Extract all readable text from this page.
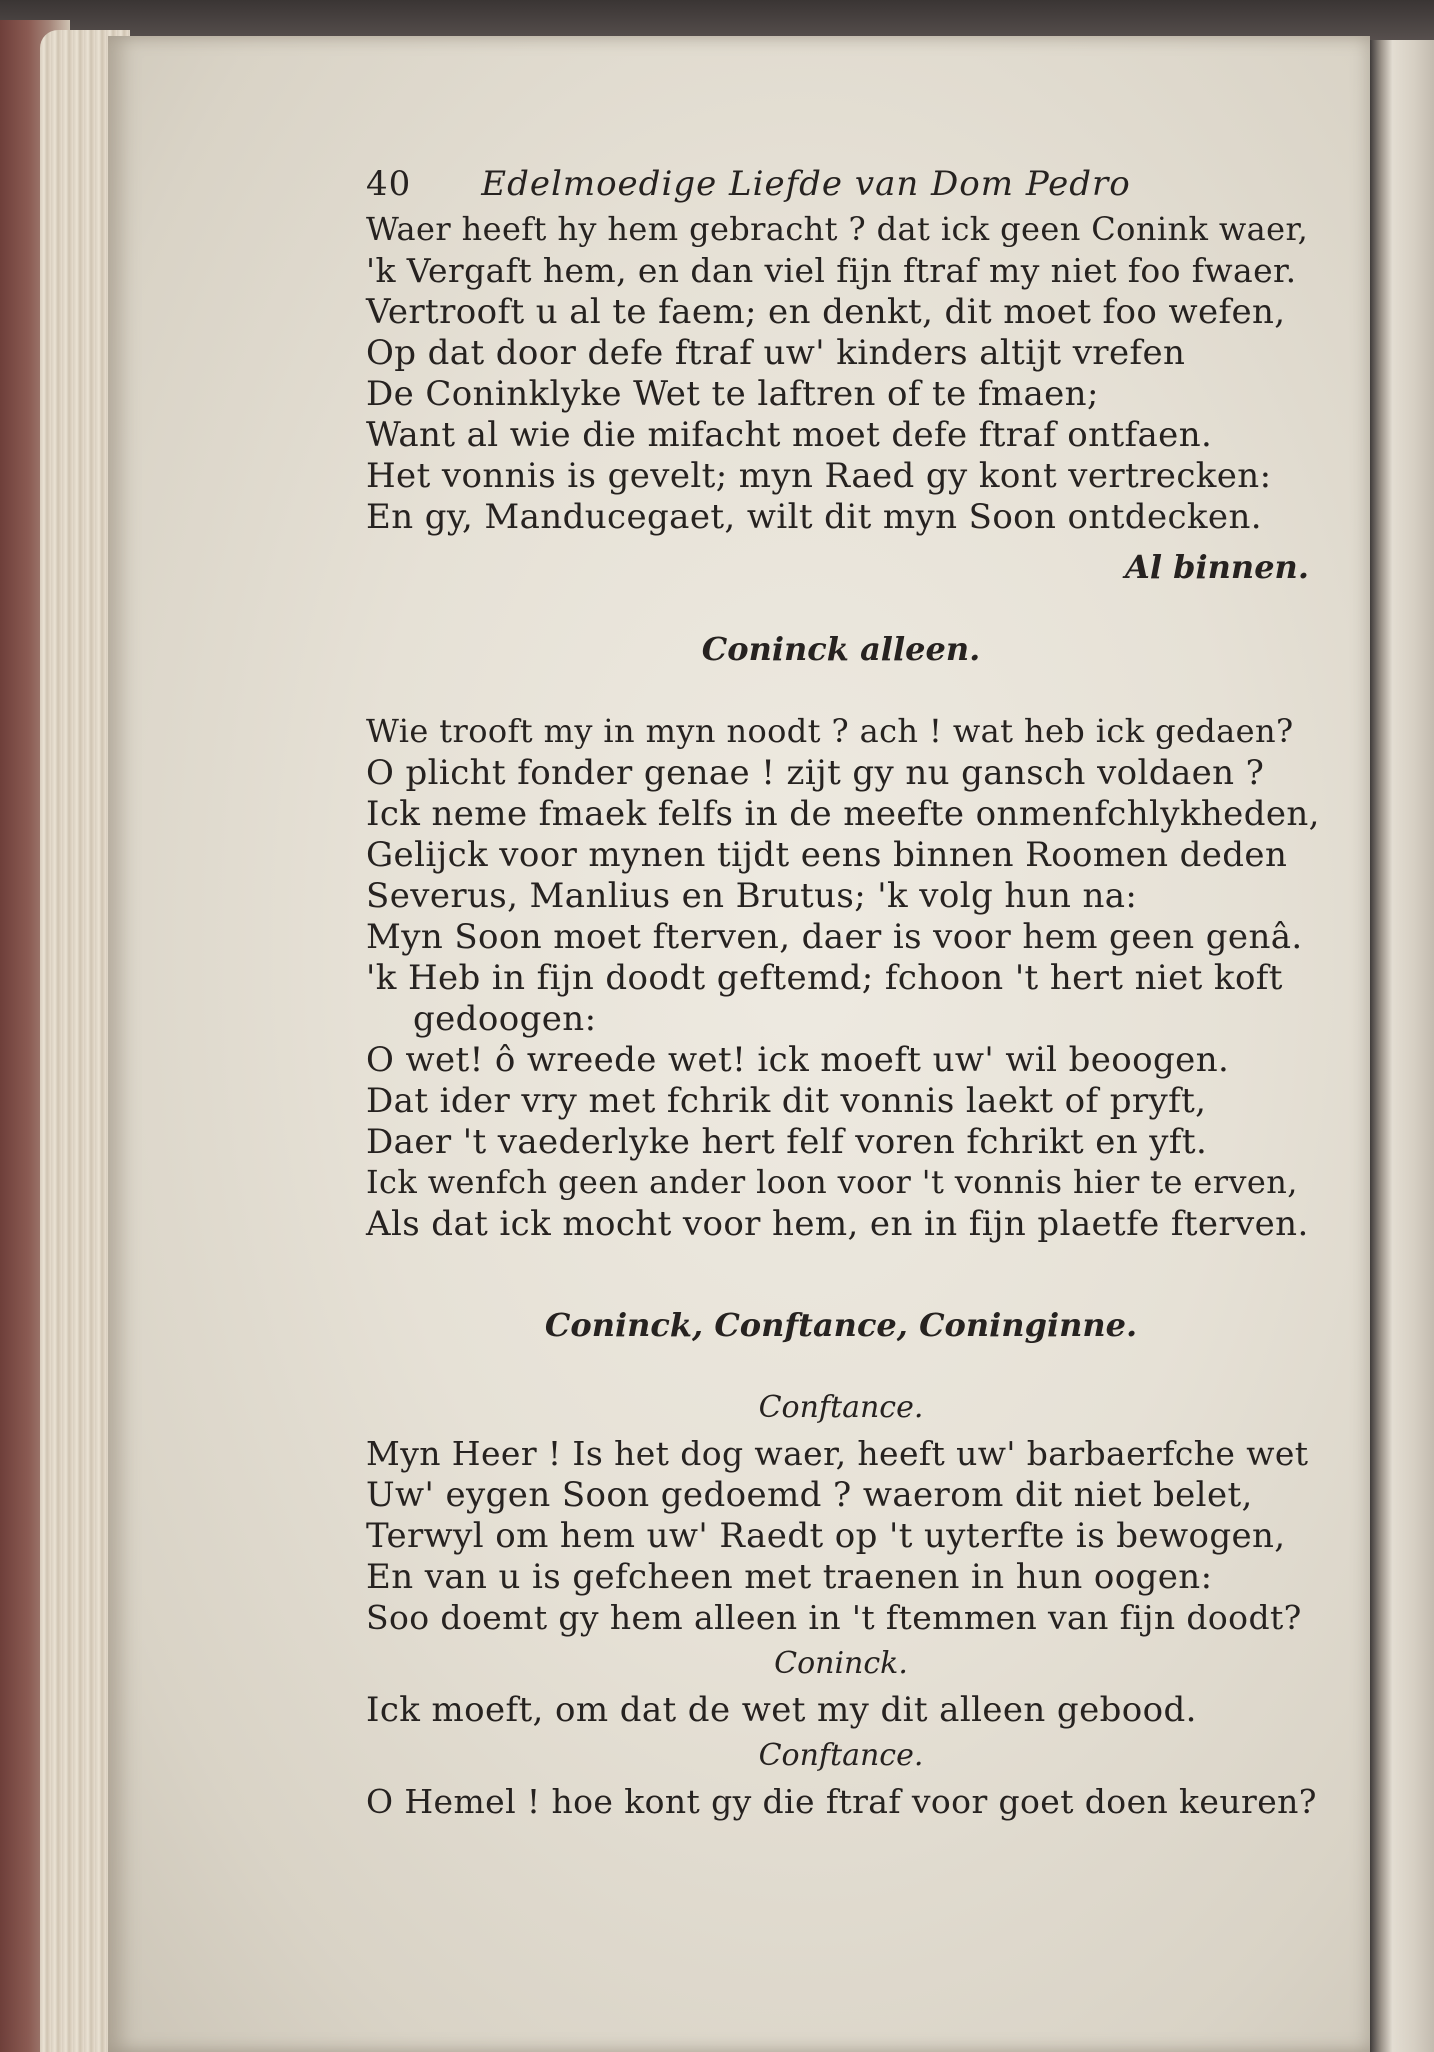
40 Edelmoedige Liefde van Dom Pedro
Waer heeft hy hem gebracht ? dat ick geen Conink waer,
'k Vergaft hem, en dan viel fijn ftraf my niet foo fwaer.
Vertrooft u al te faem; en denkt, dit moet foo wefen,
Op dat door defe ftraf uw' kinders altijt vrefen
De Coninklyke Wet te laftren of te fmaen;
Want al wie die mifacht moet defe ftraf ontfaen.
Het vonnis is gevelt; myn Raed gy kont vertrecken:
En gy, Manducegaet, wilt dit myn Soon ontdecken.
Al binnen.
Coninck alleen.
Wie trooft my in myn noodt ? ach ! wat heb ick gedaen?
O plicht fonder genae ! zijt gy nu gansch voldaen ?
Ick neme fmaek felfs in de meefte onmenfchlykheden,
Gelijck voor mynen tijdt eens binnen Roomen deden
Severus, Manlius en Brutus; 'k volg hun na:
Myn Soon moet fterven, daer is voor hem geen genâ.
'k Heb in fijn doodt geftemd; fchoon 't hert niet koft
gedoogen:
O wet! ô wreede wet! ick moeft uw' wil beoogen.
Dat ider vry met fchrik dit vonnis laekt of pryft,
Daer 't vaederlyke hert felf voren fchrikt en yft.
Ick wenfch geen ander loon voor 't vonnis hier te erven,
Als dat ick mocht voor hem, en in fijn plaetfe fterven.
Coninck, Conftance, Coninginne.
Conftance.
Myn Heer ! Is het dog waer, heeft uw' barbaerfche wet
Uw' eygen Soon gedoemd ? waerom dit niet belet,
Terwyl om hem uw' Raedt op 't uyterfte is bewogen,
En van u is gefcheen met traenen in hun oogen:
Soo doemt gy hem alleen in 't ftemmen van fijn doodt?
Coninck.
Ick moeft, om dat de wet my dit alleen gebood.
Conftance.
O Hemel ! hoe kont gy die ftraf voor goet doen keuren?
